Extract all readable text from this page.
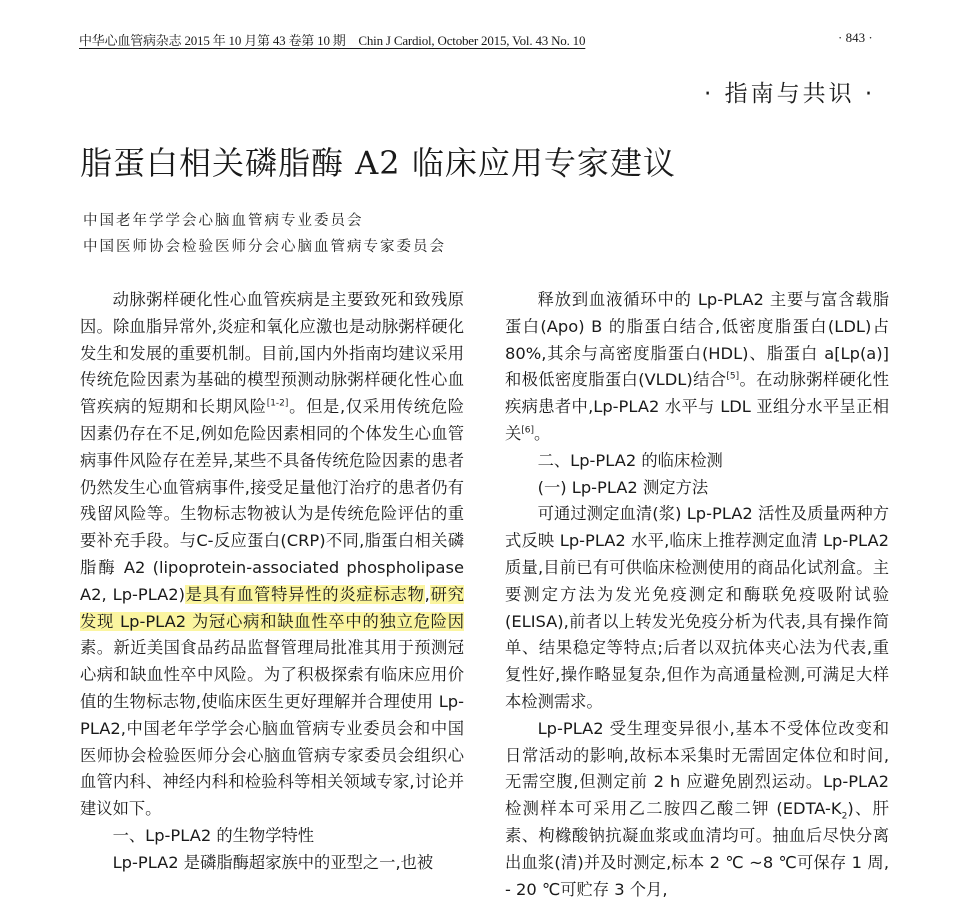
中华心血管病杂志 2015 年 10 月第 43 卷第 10 期　Chin J Cardiol, October 2015, Vol. 43 No. 10	· 843 ·
· 指南与共识 ·
脂蛋白相关磷脂酶 A2 临床应用专家建议
中国老年学学会心脑血管病专业委员会
中国医师协会检验医师分会心脑血管病专家委员会

动脉粥样硬化性心血管疾病是主要致死和致残原因。除血脂异常外,炎症和氧化应激也是动脉粥样硬化发生和发展的重要机制。目前,国内外指南均建议采用传统危险因素为基础的模型预测动脉粥样硬化性心血管疾病的短期和长期风险[1-2]。但是,仅采用传统危险因素仍存在不足,例如危险因素相同的个体发生心血管病事件风险存在差异,某些不具备传统危险因素的患者仍然发生心血管病事件,接受足量他汀治疗的患者仍有残留风险等。生物标志物被认为是传统危险评估的重要补充手段。与C-反应蛋白(CRP)不同,脂蛋白相关磷脂酶 A2 (lipoprotein-associated phospholipase A2, Lp-PLA2)是具有血管特异性的炎症标志物,研究发现 Lp-PLA2 为冠心病和缺血性卒中的独立危险因素。新近美国食品药品监督管理局批准其用于预测冠心病和缺血性卒中风险。为了积极探索有临床应用价值的生物标志物,使临床医生更好理解并合理使用 Lp-PLA2,中国老年学学会心脑血管病专业委员会和中国医师协会检验医师分会心脑血管病专家委员会组织心血管内科、神经内科和检验科等相关领域专家,讨论并建议如下。

一、Lp-PLA2 的生物学特性

Lp-PLA2 是磷脂酶超家族中的亚型之一,也被

释放到血液循环中的 Lp-PLA2 主要与富含载脂蛋白(Apo) B 的脂蛋白结合,低密度脂蛋白(LDL)占 80%,其余与高密度脂蛋白(HDL)、脂蛋白 a[Lp(a)]和极低密度脂蛋白(VLDL)结合[5]。在动脉粥样硬化性疾病患者中,Lp-PLA2 水平与 LDL 亚组分水平呈正相关[6]。

二、Lp-PLA2 的临床检测

(一) Lp-PLA2 测定方法

可通过测定血清(浆) Lp-PLA2 活性及质量两种方式反映 Lp-PLA2 水平,临床上推荐测定血清 Lp-PLA2 质量,目前已有可供临床检测使用的商品化试剂盒。主要测定方法为发光免疫测定和酶联免疫吸附试验(ELISA),前者以上转发光免疫分析为代表,具有操作简单、结果稳定等特点;后者以双抗体夹心法为代表,重复性好,操作略显复杂,但作为高通量检测,可满足大样本检测需求。

Lp-PLA2 受生理变异很小,基本不受体位改变和日常活动的影响,故标本采集时无需固定体位和时间,无需空腹,但测定前 2 h 应避免剧烈运动。Lp-PLA2 检测样本可采用乙二胺四乙酸二钾 $(EDTA-K_2)$、肝素、枸橼酸钠抗凝血浆或血清均可。抽血后尽快分离出血浆(清)并及时测定,标本 2 ℃ ~8 ℃可保存 1 周, - 20 ℃可贮存 3 个月,
